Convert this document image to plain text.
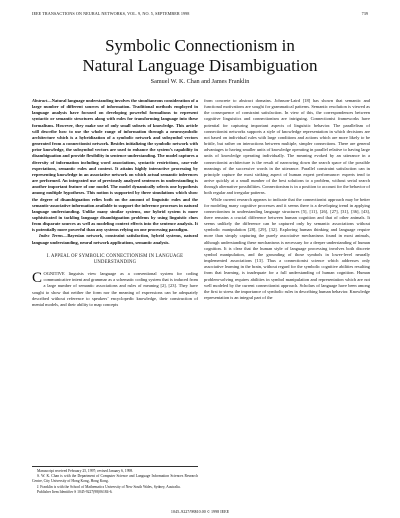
IEEE TRANSACTIONS ON NEURAL NETWORKS, VOL. 9, NO. 5, SEPTEMBER 1998	739
Symbolic Connectionism in
Natural Language Disambiguation
Samuel W. K. Chan and James Franklin

Abstract—Natural language understanding involves the simultaneous consideration of a large number of different sources of information. Traditional methods employed in language analysis have focused on developing powerful formalisms to represent syntactic or semantic structures along with rules for transforming language into these formalisms. However, they make use of only small subsets of knowledge. This article will describe how to use the whole range of information through a neurosymbolic architecture which is a hybridization of a symbolic network and subsymbol vectors generated from a connectionist network. Besides initializing the symbolic network with prior knowledge, the subsymbol vectors are used to enhance the system’s capability in disambiguation and provide flexibility in sentence understanding. The model captures a diversity of information including word associations, syntactic restrictions, case-role expectations, semantic rules and context. It attains highly interactive processing by representing knowledge in an associative network on which actual semantic inferences are performed. An integrated use of previously analyzed sentences in understanding is another important feature of our model. The model dynamically selects one hypothesis among multiple hypotheses. This notion is supported by three simulations which show the degree of disambiguation relies both on the amount of linguistic rules and the semantic-associative information available to support the inference processes in natural language understanding. Unlike many similar systems, our hybrid system is more sophisticated in tackling language disambiguation problems by using linguistic clues from disparate sources as well as modeling context effects into the sentence analysis. It is potentially more powerful than any systems relying on one processing paradigm.

Index Terms—Bayesian network, constraint satisfaction, hybrid systems, natural language understanding, neural network applications, semantic analysis.

I. APPEAL OF SYMBOLIC CONNECTIONISM IN LANGUAGE UNDERSTANDING

COGNITIVE linguists view language as a conventional system for coding communicative intent and grammar as a schematic coding system that is induced from a large number of semantic associations and rules of meaning [2], [23]. They have sought to show that neither the form nor the meaning of expressions can be adequately described without reference to speakers’ encyclopedic knowledge, their construction of mental models, and their ability to map concepts

Manuscript received February 25, 1997; revised January 6, 1998.

S. W. K. Chan is with the Department of Computer Science and Language Information Sciences Research Centre, City University of Hong Kong, Hong Kong.

J. Franklin is with the School of Mathematics University of New South Wales, Sydney, Australia.

Publisher Item Identifier S 1045-9227(98)06184-6.

from concrete to abstract domains. Johnson-Laird [18] has shown that semantic and functional motivations are sought for grammatical patterns. Semantic resolution is viewed as the consequence of constraint satisfaction. In view of this, the correspondences between cognitive linguistics and connectionism are intriguing. Connectionist frameworks have potential for capturing important aspects of linguistic behavior. The parallelism of connectionist networks supports a style of knowledge representation in which decisions are not based on individual rules with large conditions and actions which are more likely to be brittle, but rather on interactions between multiple, simpler connections. There are general advantages to having smaller units of knowledge operating in parallel relative to having large units of knowledge operating individually. The meaning evoked by an utterance in a connectionist architecture is the result of narrowing down the search space of the possible meanings of the successive words in the utterance. Parallel constraint satisfaction can in principle capture the most striking aspect of human expert performance: experts tend to arrive quickly at a small number of the best solutions to a problem, without serial search through alternative possibilities. Connectionism is in a position to account for the behavior of both regular and irregular patterns.

While current research appears to indicate that the connectionist approach may be better for modeling many cognitive processes and it seems there is a developing trend in applying connectionism in understanding language structures [5], [11], [26], [27], [31], [36], [43], there remains a crucial difference between human cognition and that of other animals. It seems unlikely the difference can be captured only by semantic associations without symbolic manipulation [28], [29], [32]. Exploring human thinking and language require more than simply capturing the purely associative mechanisms found in most animals, although understanding these mechanisms is necessary for a deeper understanding of human cognition. It is clear that the human style of language processing involves both discrete symbol manipulation, and the grounding of those symbols in lower-level neurally implemented associations [13]. Thus a connectionist science which addresses only associative learning in the brain, without regard for the symbolic cognitive abilities resulting from that learning, is inadequate for a full understanding of human cognition. Human problem-solving requires abilities in symbol manipulation and representation which are not well modeled by the current connectionist approach. Scholars of language have been among the first to stress the importance of symbolic rules in describing human behavior. Knowledge representation is an integral part of the

1045–9227/98$10.00 © 1998 IEEE
